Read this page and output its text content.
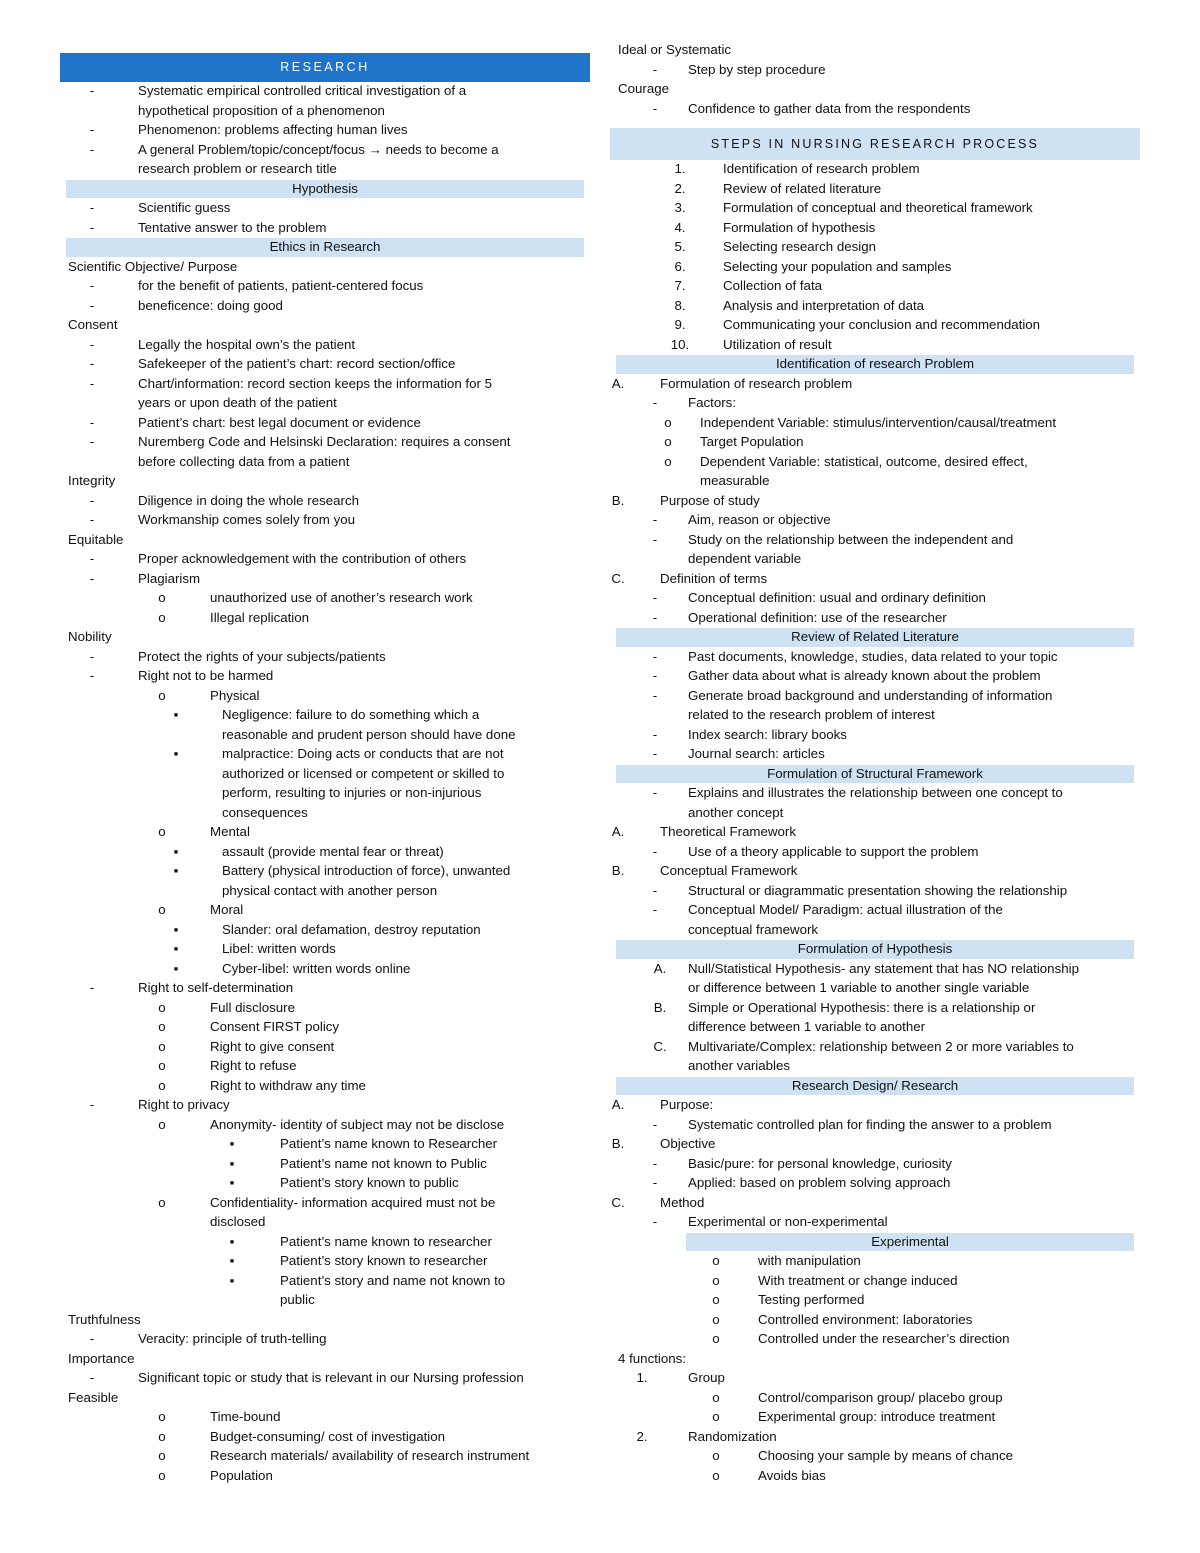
RESEARCH
-	Systematic empirical controlled critical investigation of a
hypothetical proposition of a phenomenon
-	Phenomenon: problems affecting human lives
-	A general Problem/topic/concept/focus → needs to become a
research problem or research title
Hypothesis
-	Scientific guess
-	Tentative answer to the problem
Ethics in Research
Scientific Objective/ Purpose
-	for the benefit of patients, patient-centered focus
-	beneficence: doing good
Consent
-	Legally the hospital own’s the patient
-	Safekeeper of the patient’s chart: record section/office
-	Chart/information: record section keeps the information for 5
years or upon death of the patient
-	Patient’s chart: best legal document or evidence
-	Nuremberg Code and Helsinski Declaration: requires a consent
before collecting data from a patient
Integrity
-	Diligence in doing the whole research
-	Workmanship comes solely from you
Equitable
-	Proper acknowledgement with the contribution of others
-	Plagiarism
o	unauthorized use of another’s research work
o	Illegal replication
Nobility
-	Protect the rights of your subjects/patients
-	Right not to be harmed
o	Physical
▪	Negligence: failure to do something which a
reasonable and prudent person should have done
▪	malpractice: Doing acts or conducts that are not
authorized or licensed or competent or skilled to
perform, resulting to injuries or non-injurious
consequences
o	Mental
▪	assault (provide mental fear or threat)
▪	Battery (physical introduction of force), unwanted
physical contact with another person
o	Moral
▪	Slander: oral defamation, destroy reputation
▪	Libel: written words
▪	Cyber-libel: written words online
-	Right to self-determination
o	Full disclosure
o	Consent FIRST policy
o	Right to give consent
o	Right to refuse
o	Right to withdraw any time
-	Right to privacy
o	Anonymity- identity of subject may not be disclose
▪	Patient’s name known to Researcher
▪	Patient’s name not known to Public
▪	Patient’s story known to public
o	Confidentiality- information acquired must not be
disclosed
▪	Patient’s name known to researcher
▪	Patient’s story known to researcher
▪	Patient’s story and name not known to
public
Truthfulness
-	Veracity: principle of truth-telling
Importance
-	Significant topic or study that is relevant in our Nursing profession
Feasible
o	Time-bound
o	Budget-consuming/ cost of investigation
o	Research materials/ availability of research instrument
o	Population
Ideal or Systematic
-	Step by step procedure
Courage
-	Confidence to gather data from the respondents
STEPS IN NURSING RESEARCH PROCESS
1.	Identification of research problem
2.	Review of related literature
3.	Formulation of conceptual and theoretical framework
4.	Formulation of hypothesis
5.	Selecting research design
6.	Selecting your population and samples
7.	Collection of fata
8.	Analysis and interpretation of data
9.	Communicating your conclusion and recommendation
10.	Utilization of result
Identification of research Problem
A.	Formulation of research problem
-	Factors:
o	Independent Variable: stimulus/intervention/causal/treatment
o	Target Population
o	Dependent Variable: statistical, outcome, desired effect,
measurable
B.	Purpose of study
-	Aim, reason or objective
-	Study on the relationship between the independent and
dependent variable
C.	Definition of terms
-	Conceptual definition: usual and ordinary definition
-	Operational definition: use of the researcher
Review of Related Literature
-	Past documents, knowledge, studies, data related to your topic
-	Gather data about what is already known about the problem
-	Generate broad background and understanding of information
related to the research problem of interest
-	Index search: library books
-	Journal search: articles
Formulation of Structural Framework
-	Explains and illustrates the relationship between one concept to
another concept
A.	Theoretical Framework
-	Use of a theory applicable to support the problem
B.	Conceptual Framework
-	Structural or diagrammatic presentation showing the relationship
-	Conceptual Model/ Paradigm: actual illustration of the
conceptual framework
Formulation of Hypothesis
A.	Null/Statistical Hypothesis- any statement that has NO relationship
or difference between 1 variable to another single variable
B.	Simple or Operational Hypothesis: there is a relationship or
difference between 1 variable to another
C.	Multivariate/Complex: relationship between 2 or more variables to
another variables
Research Design/ Research
A.	Purpose:
-	Systematic controlled plan for finding the answer to a problem
B.	Objective
-	Basic/pure: for personal knowledge, curiosity
-	Applied: based on problem solving approach
C.	Method
-	Experimental or non-experimental
Experimental
o	with manipulation
o	With treatment or change induced
o	Testing performed
o	Controlled environment: laboratories
o	Controlled under the researcher’s direction
4 functions:
1.	Group
o	Control/comparison group/ placebo group
o	Experimental group: introduce treatment
2.	Randomization
o	Choosing your sample by means of chance
o	Avoids bias
